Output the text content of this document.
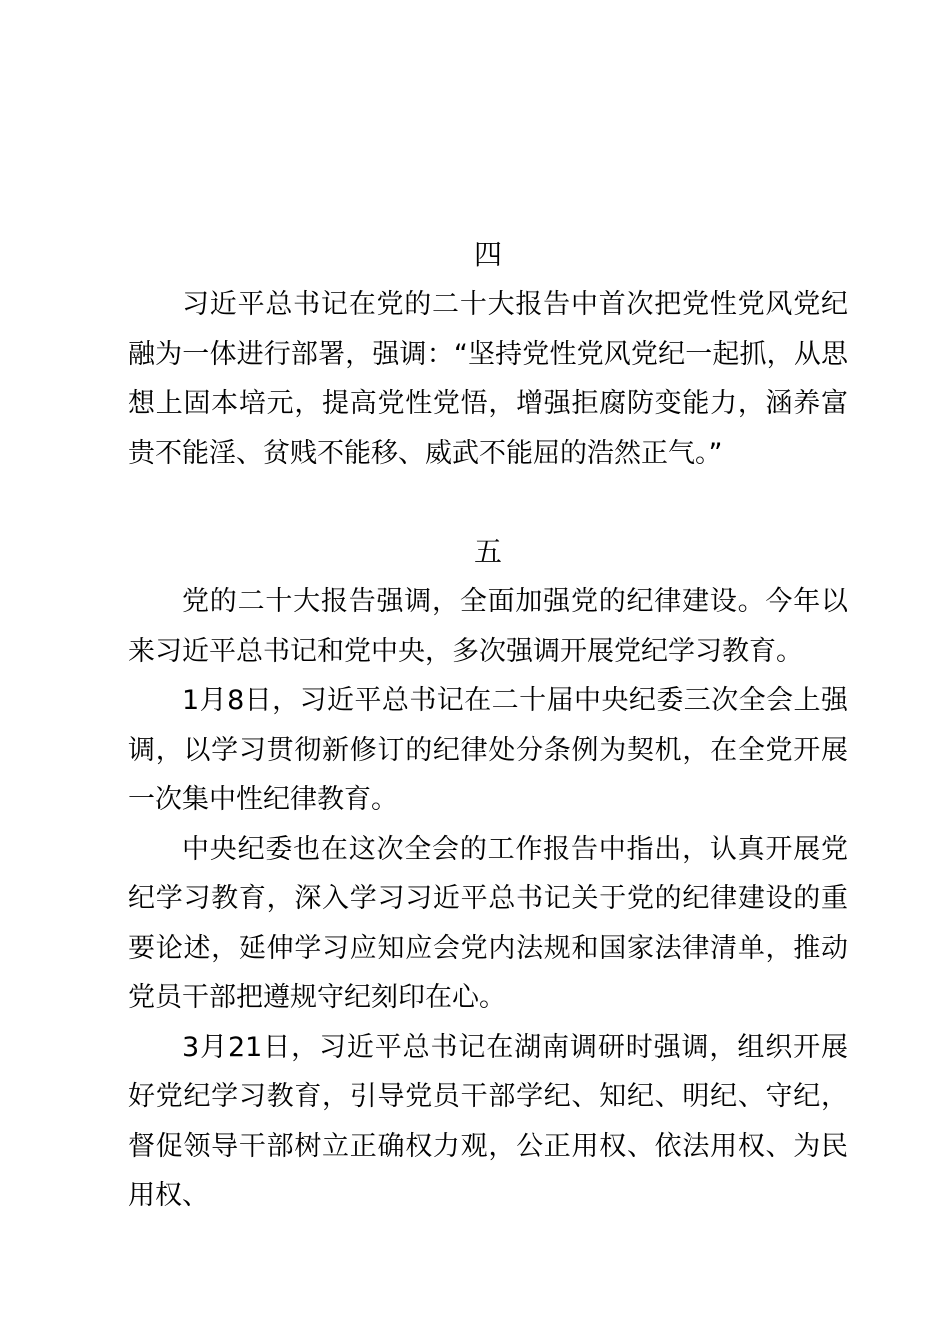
四

习近平总书记在党的二十大报告中首次把党性党风党纪融为一体进行部署，强调：“坚持党性党风党纪一起抓，从思想上固本培元，提高党性党悟，增强拒腐防变能力，涵养富贵不能淫、贫贱不能移、威武不能屈的浩然正气。”

五

党的二十大报告强调，全面加强党的纪律建设。今年以来习近平总书记和党中央，多次强调开展党纪学习教育。

1月8日，习近平总书记在二十届中央纪委三次全会上强调，以学习贯彻新修订的纪律处分条例为契机，在全党开展一次集中性纪律教育。

中央纪委也在这次全会的工作报告中指出，认真开展党纪学习教育，深入学习习近平总书记关于党的纪律建设的重要论述，延伸学习应知应会党内法规和国家法律清单，推动党员干部把遵规守纪刻印在心。

3月21日，习近平总书记在湖南调研时强调，组织开展好党纪学习教育，引导党员干部学纪、知纪、明纪、守纪，督促领导干部树立正确权力观，公正用权、依法用权、为民用权、
